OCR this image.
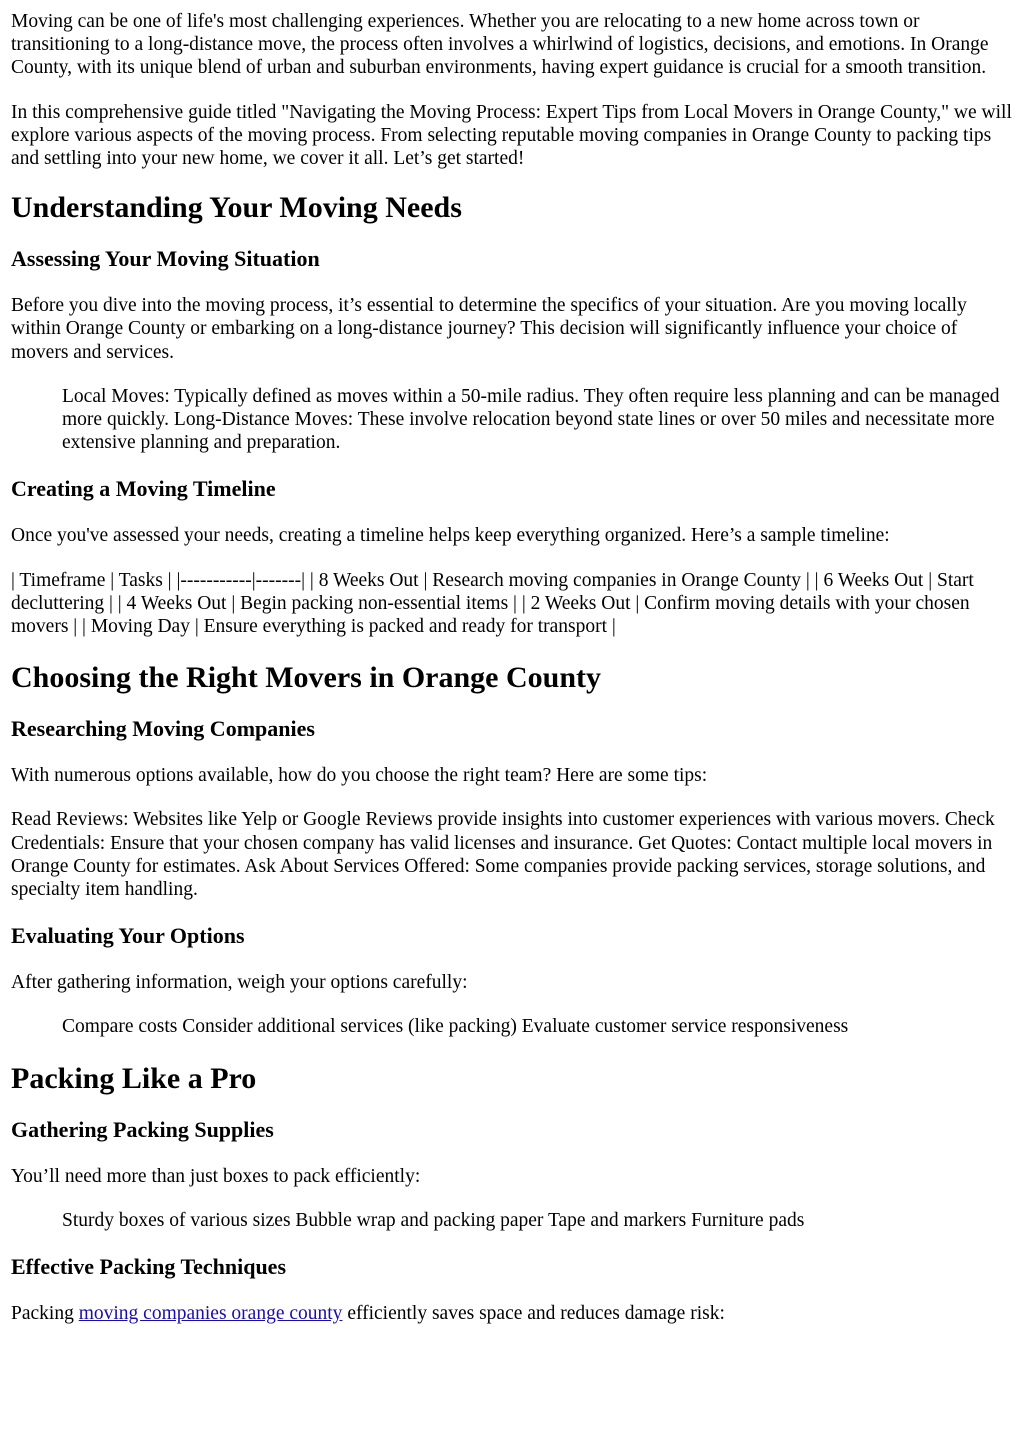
Moving can be one of life's most challenging experiences. Whether you are relocating to a new home across town or transitioning to a long-distance move, the process often involves a whirlwind of logistics, decisions, and emotions. In Orange County, with its unique blend of urban and suburban environments, having expert guidance is crucial for a smooth transition.

In this comprehensive guide titled "Navigating the Moving Process: Expert Tips from Local Movers in Orange County," we will explore various aspects of the moving process. From selecting reputable moving companies in Orange County to packing tips and settling into your new home, we cover it all. Let’s get started!

Understanding Your Moving Needs
Assessing Your Moving Situation

Before you dive into the moving process, it’s essential to determine the specifics of your situation. Are you moving locally within Orange County or embarking on a long-distance journey? This decision will significantly influence your choice of movers and services.

Local Moves: Typically defined as moves within a 50-mile radius. They often require less planning and can be managed more quickly. Long-Distance Moves: These involve relocation beyond state lines or over 50 miles and necessitate more extensive planning and preparation.
Creating a Moving Timeline

Once you've assessed your needs, creating a timeline helps keep everything organized. Here’s a sample timeline:

| Timeframe | Tasks | |-----------|-------| | 8 Weeks Out | Research moving companies in Orange County | | 6 Weeks Out | Start decluttering | | 4 Weeks Out | Begin packing non-essential items | | 2 Weeks Out | Confirm moving details with your chosen movers | | Moving Day | Ensure everything is packed and ready for transport |

Choosing the Right Movers in Orange County
Researching Moving Companies

With numerous options available, how do you choose the right team? Here are some tips:

Read Reviews: Websites like Yelp or Google Reviews provide insights into customer experiences with various movers. Check Credentials: Ensure that your chosen company has valid licenses and insurance. Get Quotes: Contact multiple local movers in Orange County for estimates. Ask About Services Offered: Some companies provide packing services, storage solutions, and specialty item handling.

Evaluating Your Options

After gathering information, weigh your options carefully:

Compare costs Consider additional services (like packing) Evaluate customer service responsiveness
Packing Like a Pro
Gathering Packing Supplies

You’ll need more than just boxes to pack efficiently:

Sturdy boxes of various sizes Bubble wrap and packing paper Tape and markers Furniture pads
Effective Packing Techniques

Packing moving companies orange county efficiently saves space and reduces damage risk:
